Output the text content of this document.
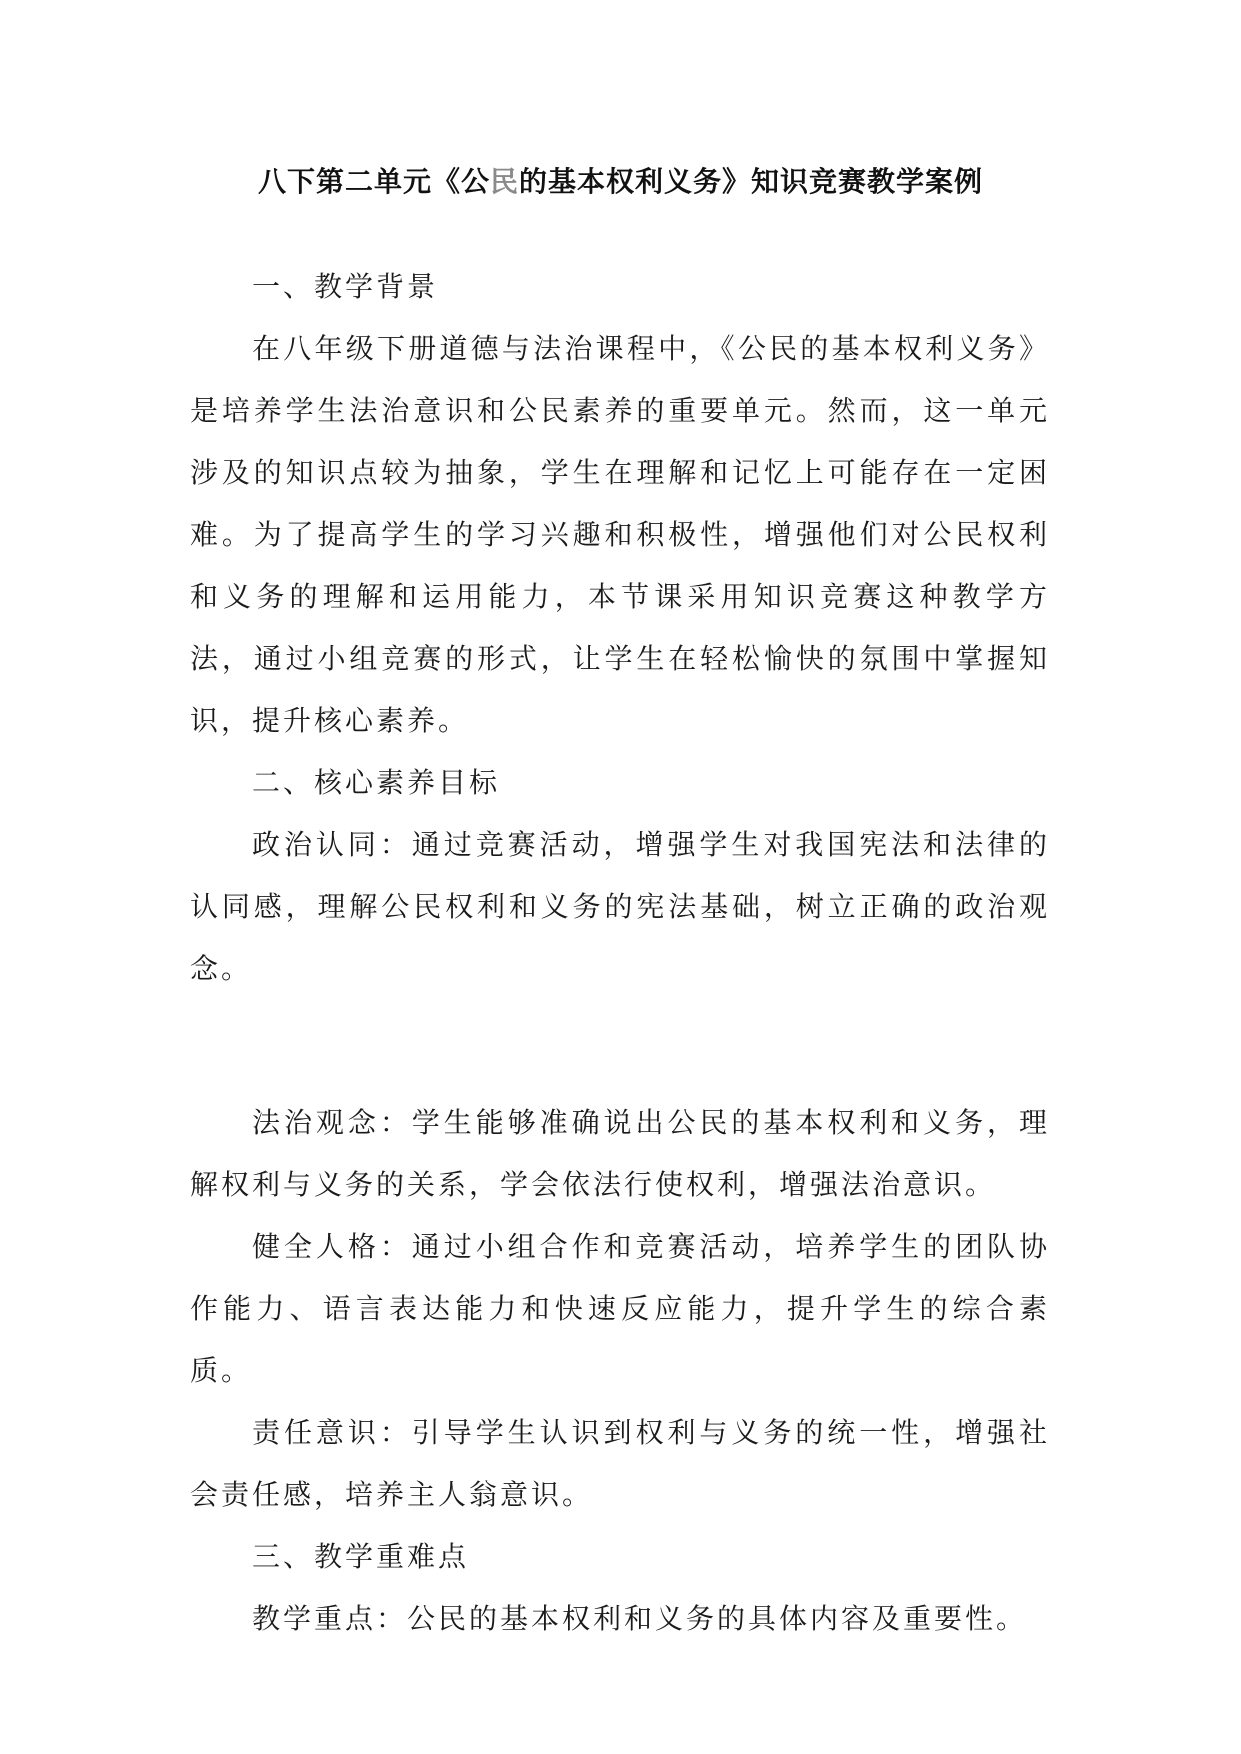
八下第二单元《公民的基本权利义务》知识竞赛教学案例
一、教学背景

在八年级下册道德与法治课程中，《公民的基本权利义务》是培养学生法治意识和公民素养的重要单元。然而，这一单元涉及的知识点较为抽象，学生在理解和记忆上可能存在一定困难。为了提高学生的学习兴趣和积极性，增强他们对公民权利和义务的理解和运用能力，本节课采用知识竞赛这种教学方法，通过小组竞赛的形式，让学生在轻松愉快的氛围中掌握知识，提升核心素养。

二、核心素养目标

政治认同：通过竞赛活动，增强学生对我国宪法和法律的认同感，理解公民权利和义务的宪法基础，树立正确的政治观念。

法治观念：学生能够准确说出公民的基本权利和义务，理解权利与义务的关系，学会依法行使权利，增强法治意识。

健全人格：通过小组合作和竞赛活动，培养学生的团队协作能力、语言表达能力和快速反应能力，提升学生的综合素质。

责任意识：引导学生认识到权利与义务的统一性，增强社会责任感，培养主人翁意识。

三、教学重难点

教学重点：公民的基本权利和义务的具体内容及重要性。
